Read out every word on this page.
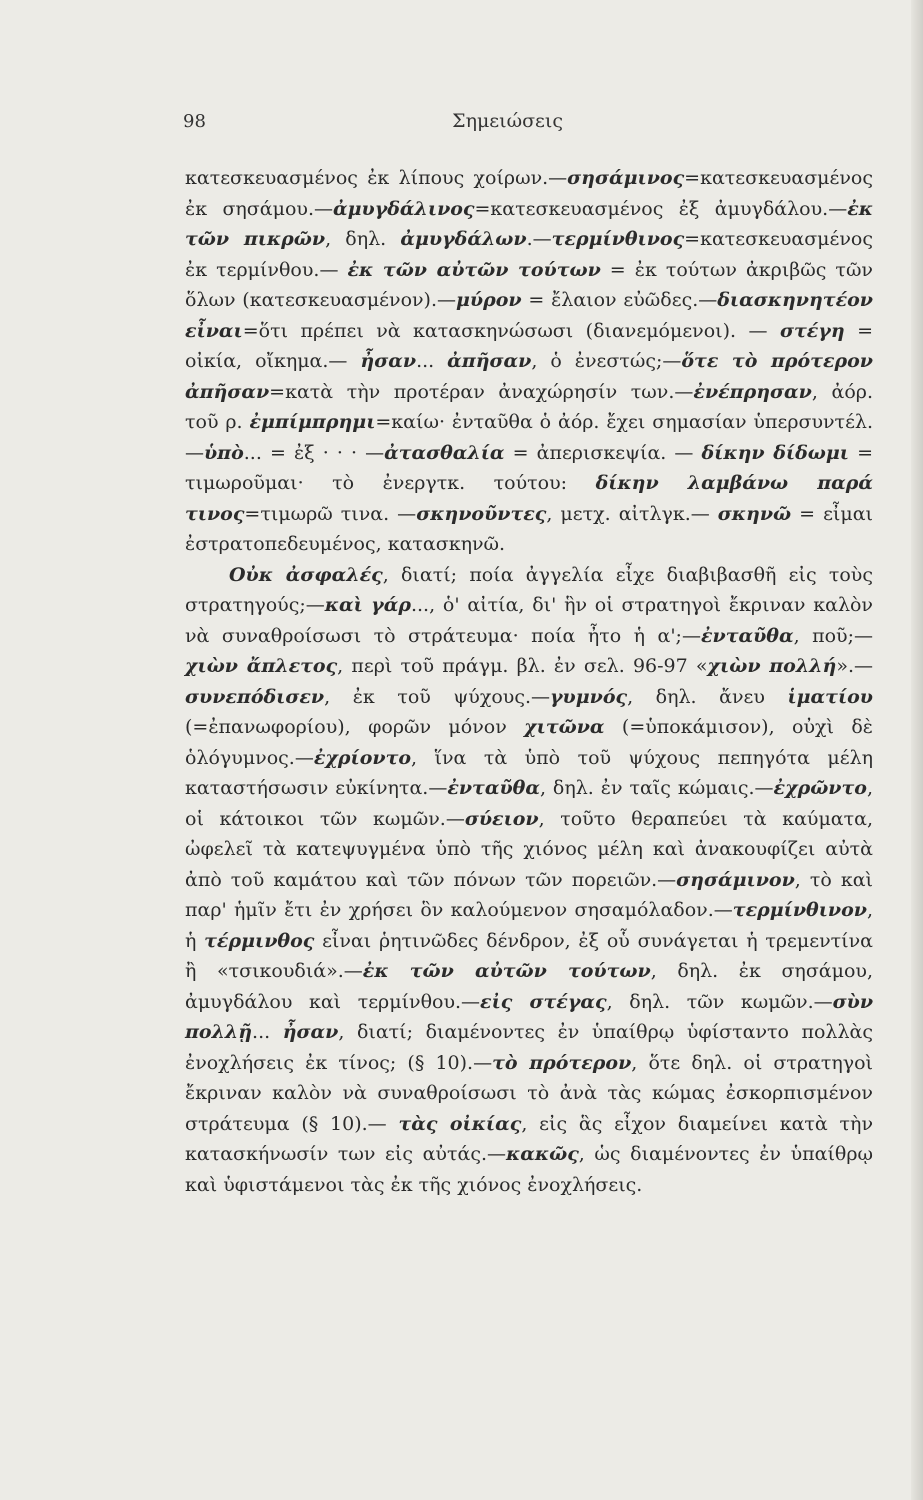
98	Σημειώσεις

κατεσκευασμένος ἐκ λίπους χοίρων.—σησάμινος=κατεσκευασμένος ἐκ σησάμου.—ἀμυγδάλινος=κατεσκευασμένος ἐξ ἀμυγδάλου.—ἐκ τῶν πικρῶν, δηλ. ἀμυγδάλων.—τερμίνθινος=κατεσκευασμένος ἐκ τερμίνθου.— ἐκ τῶν αὐτῶν τούτων = ἐκ τούτων ἀκριβῶς τῶν ὅλων (κατεσκευασμένον).—μύρον = ἔλαιον εὐῶδες.—διασκηνητέον εἶναι=ὅτι πρέπει νὰ κατασκηνώσωσι (διανεμόμενοι). — στέγη = οἰκία, οἴκημα.— ἦσαν... ἀπῆσαν, ὁ ἐνεστώς;—ὅτε τὸ πρότερον ἀπῆσαν=κατὰ τὴν προτέραν ἀναχώρησίν των.—ἐνέπρησαν, ἀόρ. τοῦ ρ. ἐμπίμπρημι=καίω· ἐνταῦθα ὁ ἀόρ. ἔχει σημασίαν ὑπερσυντέλ.—ὑπὸ... = ἐξ · · · —ἀτασθαλία = ἀπερισκεψία. — δίκην δίδωμι = τιμωροῦμαι· τὸ ἐνεργτκ. τούτου: δίκην λαμβάνω παρά τινος=τιμωρῶ τινα. —σκηνοῦντες, μετχ. αἰτλγκ.— σκηνῶ = εἶμαι ἐστρατοπεδευμένος, κατασκηνῶ.

Οὐκ ἀσφαλές, διατί; ποία ἀγγελία εἶχε διαβιβασθῆ εἰς τοὺς στρατηγούς;—καὶ γάρ..., ὁ' αἰτία, δι' ἣν οἱ στρατηγοὶ ἔκριναν καλὸν νὰ συναθροίσωσι τὸ στράτευμα· ποία ἦτο ἡ α';—ἐνταῦθα, ποῦ;—χιὼν ἄπλετος, περὶ τοῦ πράγμ. βλ. ἐν σελ. 96-97 «χιὼν πολλή».—συνεπόδισεν, ἐκ τοῦ ψύχους.—γυμνός, δηλ. ἄνευ ἱματίου (=ἐπανωφορίου), φορῶν μόνον χιτῶνα (=ὑποκάμισον), οὐχὶ δὲ ὁλόγυμνος.—ἐχρίοντο, ἵνα τὰ ὑπὸ τοῦ ψύχους πεπηγότα μέλη καταστήσωσιν εὐκίνητα.—ἐνταῦθα, δηλ. ἐν ταῖς κώμαις.—ἐχρῶντο, οἱ κάτοικοι τῶν κωμῶν.—σύειον, τοῦτο θεραπεύει τὰ καύματα, ὠφελεῖ τὰ κατεψυγμένα ὑπὸ τῆς χιόνος μέλη καὶ ἀνακουφίζει αὐτὰ ἀπὸ τοῦ καμάτου καὶ τῶν πόνων τῶν πορειῶν.—σησάμινον, τὸ καὶ παρ' ἡμῖν ἔτι ἐν χρήσει ὃν καλούμενον σησαμόλαδον.—τερμίνθινον, ἡ τέρμινθος εἶναι ῥητινῶδες δένδρον, ἐξ οὗ συνάγεται ἡ τρεμεντίνα ἢ «τσικουδιά».—ἐκ τῶν αὐτῶν τούτων, δηλ. ἐκ σησάμου, ἀμυγδάλου καὶ τερμίνθου.—εἰς στέγας, δηλ. τῶν κωμῶν.—σὺν πολλῇ... ἦσαν, διατί; διαμένοντες ἐν ὑπαίθρῳ ὑφίσταντο πολλὰς ἐνοχλήσεις ἐκ τίνος; (§ 10).—τὸ πρότερον, ὅτε δηλ. οἱ στρατηγοὶ ἔκριναν καλὸν νὰ συναθροίσωσι τὸ ἀνὰ τὰς κώμας ἐσκορπισμένον στράτευμα (§ 10).— τὰς οἰκίας, εἰς ἃς εἶχον διαμείνει κατὰ τὴν κατασκήνωσίν των εἰς αὐτάς.—κακῶς, ὡς διαμένοντες ἐν ὑπαίθρῳ καὶ ὑφιστάμενοι τὰς ἐκ τῆς χιόνος ἐνοχλήσεις.
